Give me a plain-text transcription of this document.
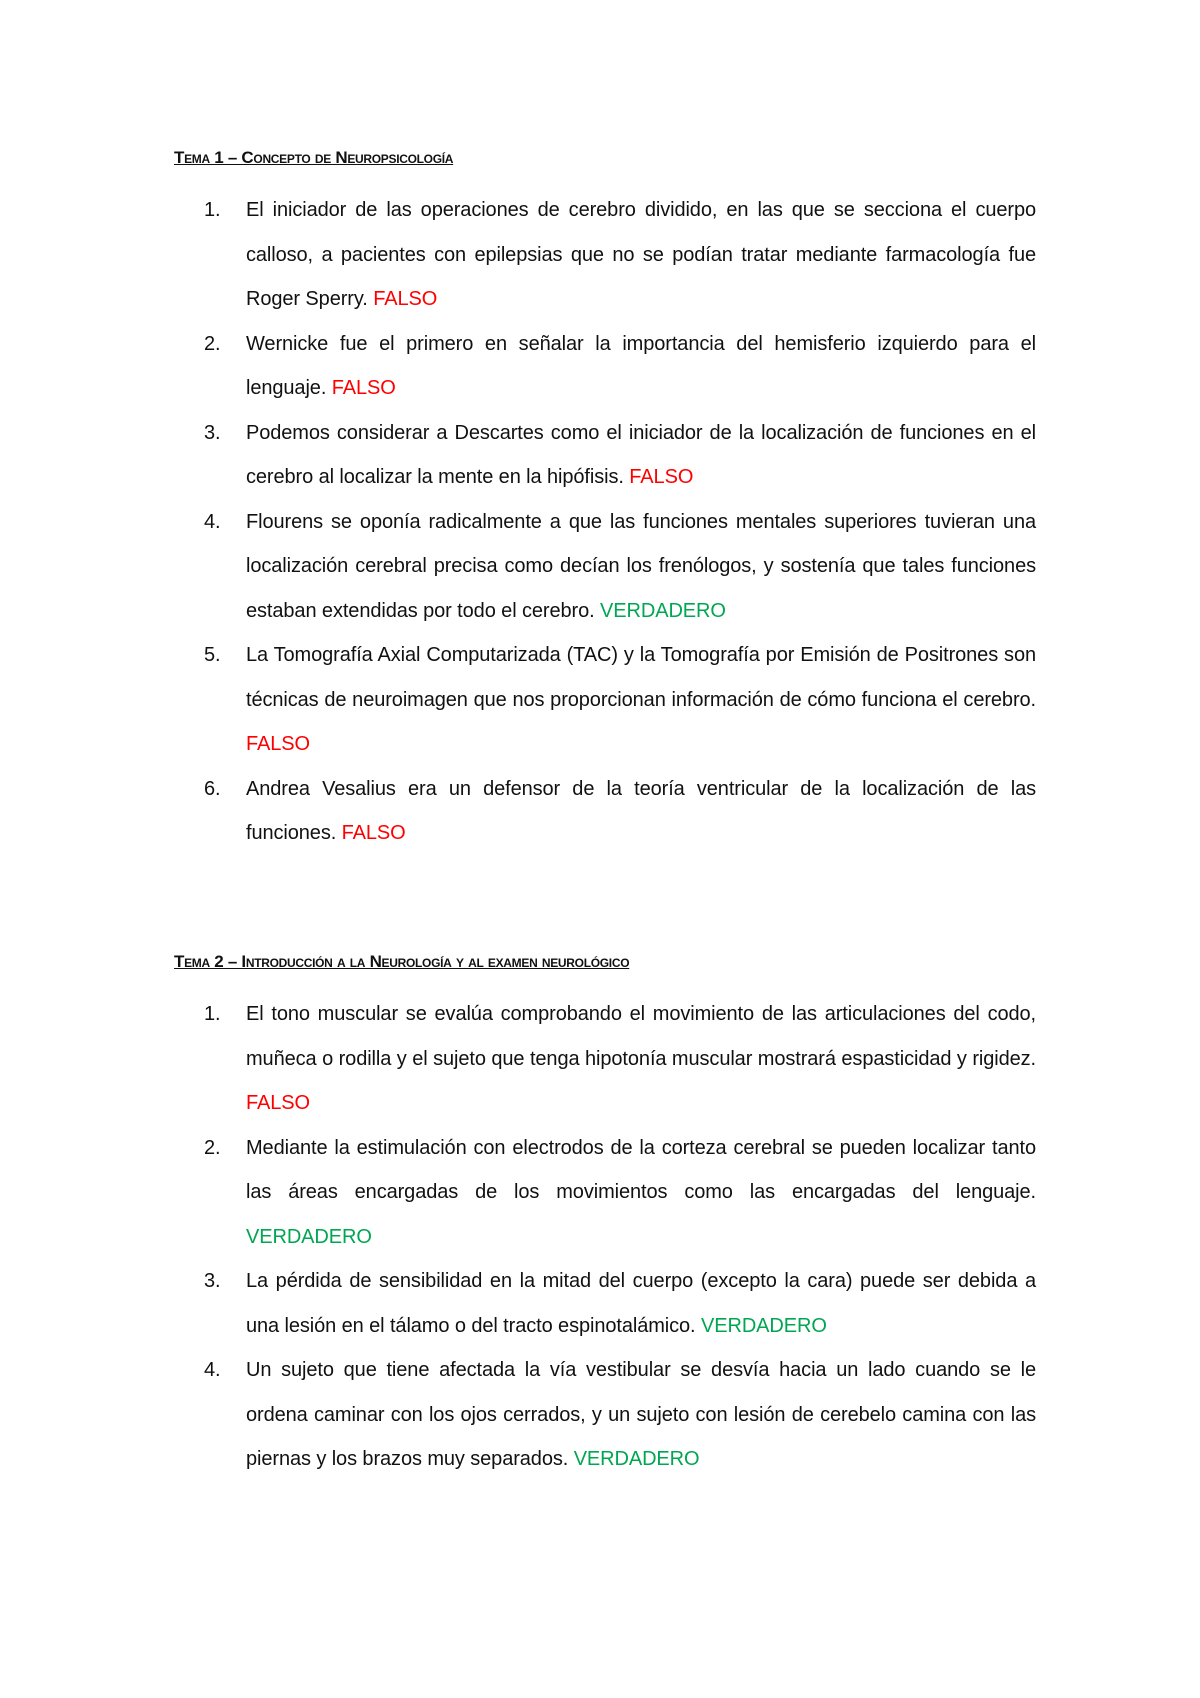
Tema 1 – Concepto de Neuropsicología
1. El iniciador de las operaciones de cerebro dividido, en las que se secciona el cuerpo calloso, a pacientes con epilepsias que no se podían tratar mediante farmacología fue Roger Sperry. FALSO
2. Wernicke fue el primero en señalar la importancia del hemisferio izquierdo para el lenguaje. FALSO
3. Podemos considerar a Descartes como el iniciador de la localización de funciones en el cerebro al localizar la mente en la hipófisis. FALSO
4. Flourens se oponía radicalmente a que las funciones mentales superiores tuvieran una localización cerebral precisa como decían los frenólogos, y sostenía que tales funciones estaban extendidas por todo el cerebro. VERDADERO
5. La Tomografía Axial Computarizada (TAC) y la Tomografía por Emisión de Positrones son técnicas de neuroimagen que nos proporcionan información de cómo funciona el cerebro. FALSO
6. Andrea Vesalius era un defensor de la teoría ventricular de la localización de las funciones. FALSO
Tema 2 – Introducción a la Neurología y al examen neurológico
1. El tono muscular se evalúa comprobando el movimiento de las articulaciones del codo, muñeca o rodilla y el sujeto que tenga hipotonía muscular mostrará espasticidad y rigidez. FALSO
2. Mediante la estimulación con electrodos de la corteza cerebral se pueden localizar tanto las áreas encargadas de los movimientos como las encargadas del lenguaje. VERDADERO
3. La pérdida de sensibilidad en la mitad del cuerpo (excepto la cara) puede ser debida a una lesión en el tálamo o del tracto espinotalámico. VERDADERO
4. Un sujeto que tiene afectada la vía vestibular se desvía hacia un lado cuando se le ordena caminar con los ojos cerrados, y un sujeto con lesión de cerebelo camina con las piernas y los brazos muy separados. VERDADERO
